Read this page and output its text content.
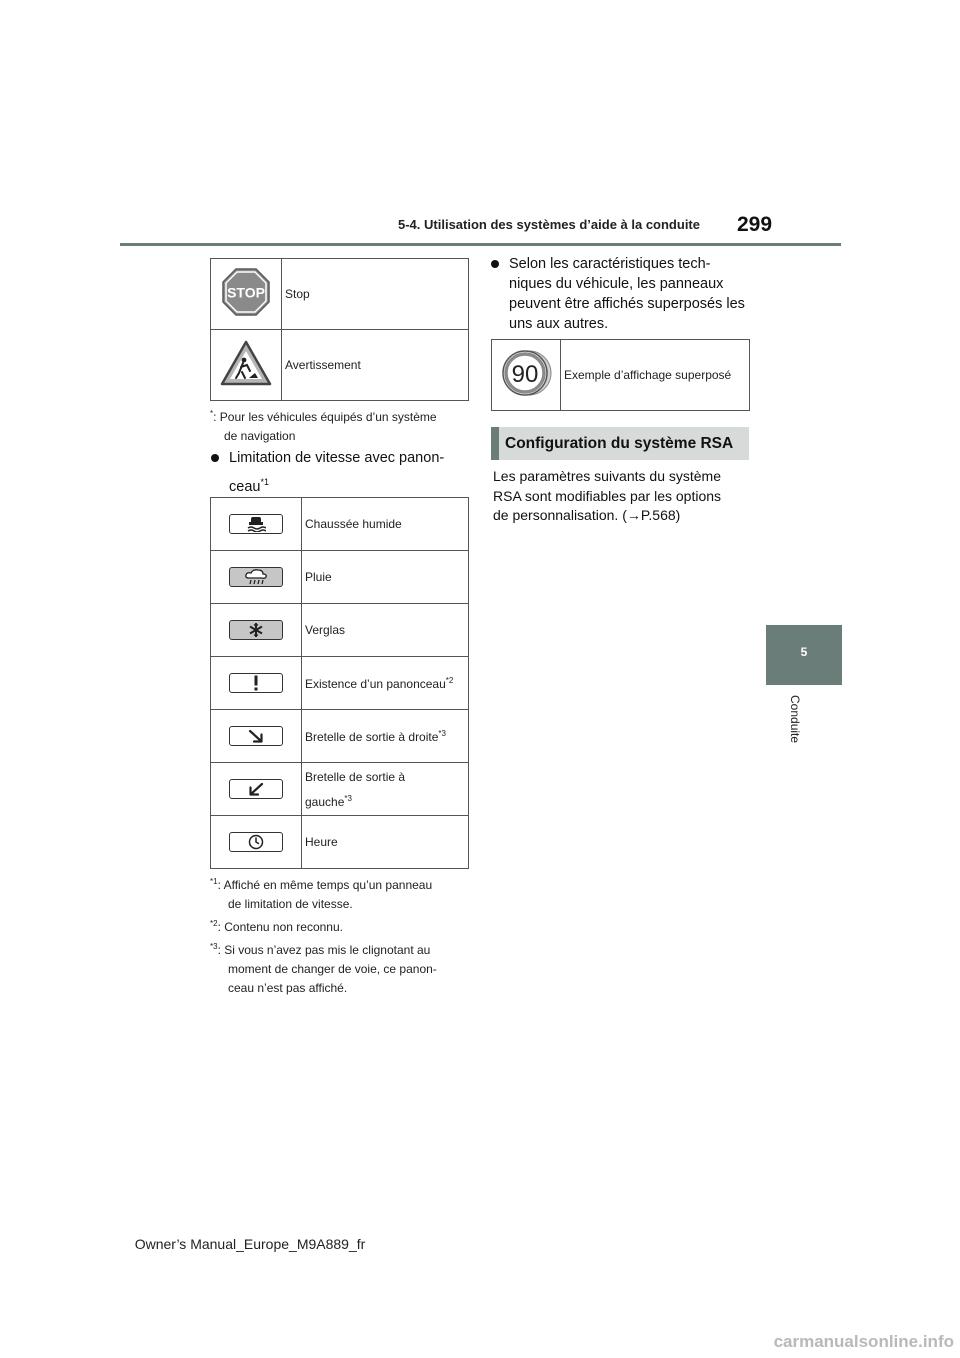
5-4. Utilisation des systèmes d’aide à la conduite 299
5
Conduite
STOP	Stop
	Avertissement
*: Pour les véhicules équipés d’un système
de navigation
Limitation de vitesse avec panon-
ceau$^{*1}$
	Chaussée humide

	Pluie

	Verglas

	Existence d’un panonceau$^{*2}$

	Bretelle de sortie à droite$^{*3}$

Bretelle de sortie à
gauche$^{*3}$

	Heure
$^{*1}$: Affiché en même temps qu’un panneau
de limitation de vitesse.
$^{*2}$: Contenu non reconnu.
$^{*3}$: Si vous n’avez pas mis le clignotant au
moment de changer de voie, ce panon-
ceau n’est pas affiché.
Selon les caractéristiques tech-
niques du véhicule, les panneaux
peuvent être affichés superposés les
uns aux autres.
90	Exemple d’affichage superposé
Configuration du système RSA
Les paramètres suivants du système
RSA sont modifiables par les options
de personnalisation. (→P.568)
Owner’s Manual_Europe_M9A889_fr
carmanualsonline.info
